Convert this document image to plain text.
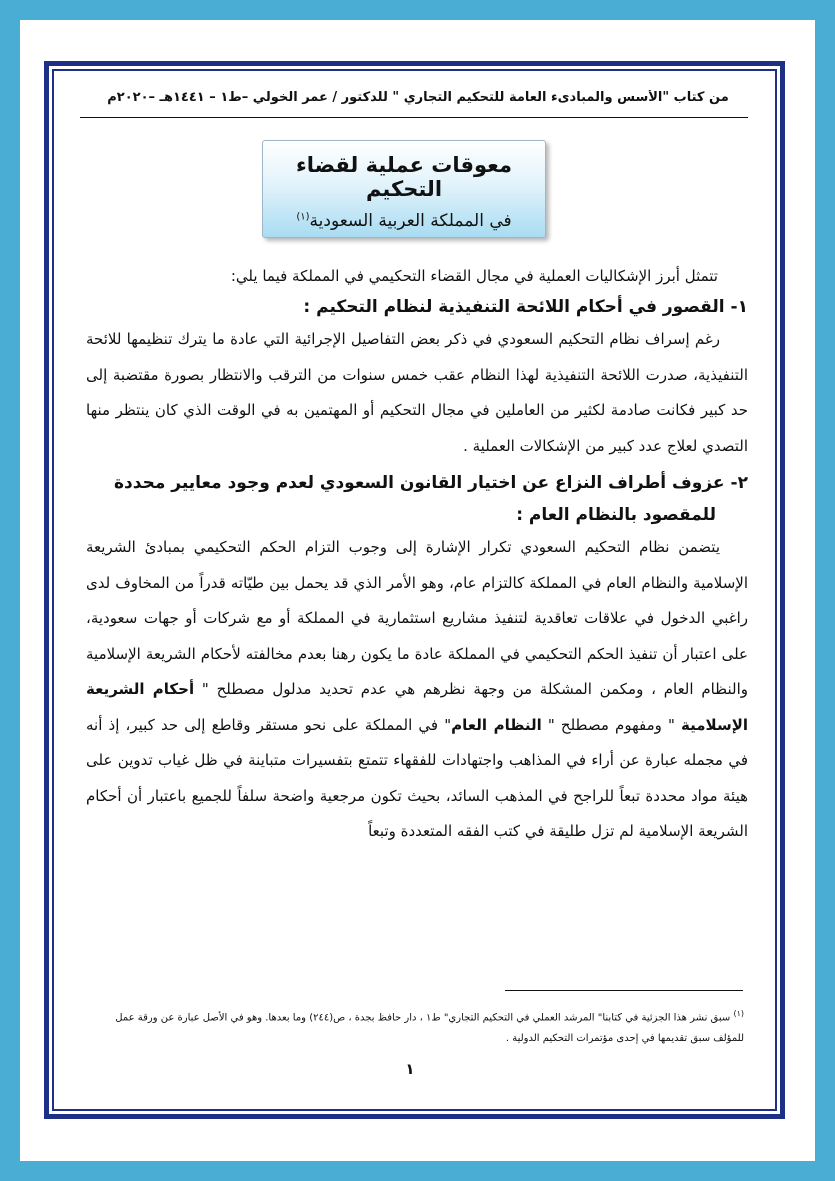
من كتاب "الأسس والمبادىء العامة للتحكيم التجاري " للدكتور / عمر الخولي –ط١ – ١٤٤١هـ –٢٠٢٠م
معوقات عملية لقضاء التحكيم
في المملكة العربية السعودية$^{(١)}$

تتمثل أبرز الإشكاليات العملية في مجال القضاء التحكيمي في المملكة فيما يلي:

١-القصور في أحكام اللائحة التنفيذية لنظام التحكيم :

رغم إسراف نظام التحكيم السعودي في ذكر بعض التفاصيل الإجرائية التي عادة ما يترك تنظيمها للائحة التنفيذية، صدرت اللائحة التنفيذية لهذا النظام عقب خمس سنوات من الترقب والانتظار بصورة مقتضبة إلى حد كبير فكانت صادمة لكثير من العاملين في مجال التحكيم أو المهتمين به في الوقت الذي كان ينتظر منها التصدي لعلاج عدد كبير من الإشكالات العملية .

٢-عزوف أطراف النزاع عن اختيار القانون السعودي لعدم وجود معايير محددة
للمقصود بالنظام العام :

يتضمن نظام التحكيم السعودي تكرار الإشارة إلى وجوب التزام الحكم التحكيمي بمبادئ الشريعة الإسلامية والنظام العام في المملكة كالتزام عام، وهو الأمر الذي قد يحمل بين طيّاته قدراً من المخاوف لدى راغبي الدخول في علاقات تعاقدية لتنفيذ مشاريع استثمارية في المملكة أو مع شركات أو جهات سعودية، على اعتبار أن تنفيذ الحكم التحكيمي في المملكة عادة ما يكون رهنا بعدم مخالفته لأحكام الشريعة الإسلامية والنظام العام ، ومكمن المشكلة من وجهة نظرهم هي عدم تحديد مدلول مصطلح " أحكام الشريعة الإسلامية " ومفهوم مصطلح " النظام العام" في المملكة على نحو مستقر وقاطع إلى حد كبير، إذ أنه في مجمله عبارة عن أراء في المذاهب واجتهادات للفقهاء تتمتع بتفسيرات متباينة في ظل غياب تدوين على هيئة مواد محددة تبعاً للراجح في المذهب السائد، بحيث تكون مرجعية واضحة سلفاً للجميع باعتبار أن أحكام الشريعة الإسلامية لم تزل طليقة في كتب الفقه المتعددة وتبعاً

$^{(١)}$ سبق نشر هذا الجزئية في كتابنا" المرشد العملي في التحكيم التجاري" ط١ ، دار حافظ بجدة ، ص(٢٤٤) وما بعدها. وهو في الأصل عبارة عن ورقة عمل للمؤلف سبق تقديمها في إحدى مؤتمرات التحكيم الدولية .
١
